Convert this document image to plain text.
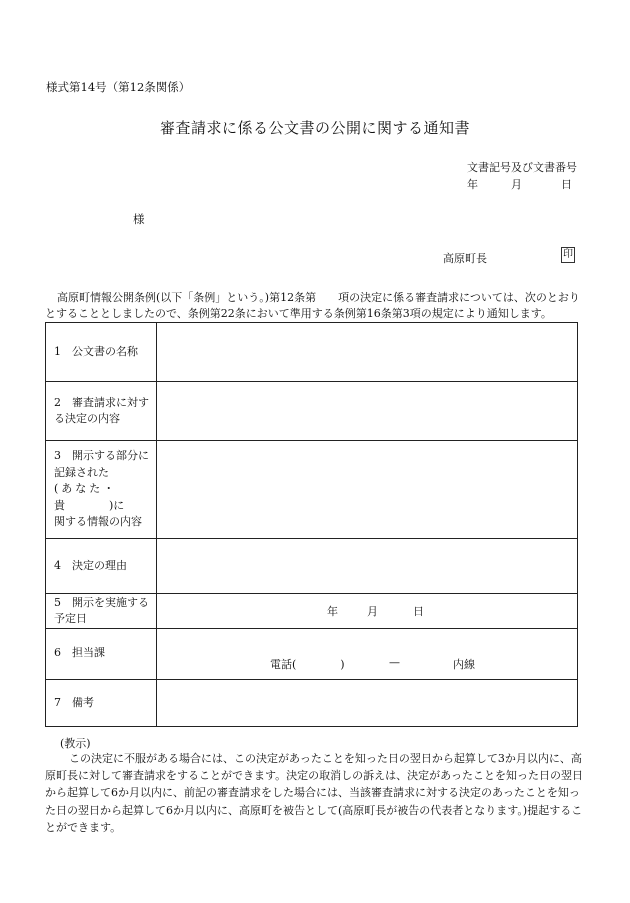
様式第14号（第12条関係）
審査請求に係る公文書の公開に関する通知書
文書記号及び文書番号
年	月	日
様
高原町長	印
高原町情報公開条例(以下「条例」という。)第12条第　　項の決定に係る審査請求については、次のとおりとすることとしましたので、条例第22条において準用する条例第16条第3項の規定により通知します。
1　公文書の名称	
2　審査請求に対する決定の内容	

3　開示する部分に記録された
(あなた・
貴　　　　)に
関する情報の内容	

4　決定の理由	
5　開示を実施する予定日	年 月 日

6　担当課	電話(　　　　) — 内線

7　備考	
(教示)
この決定に不服がある場合には、この決定があったことを知った日の翌日から起算して3か月以内に、高原町長に対して審査請求をすることができます。決定の取消しの訴えは、決定があったことを知った日の翌日から起算して6か月以内に、前記の審査請求をした場合には、当該審査請求に対する決定のあったことを知った日の翌日から起算して6か月以内に、高原町を被告として(高原町長が被告の代表者となります。)提起することができます。
